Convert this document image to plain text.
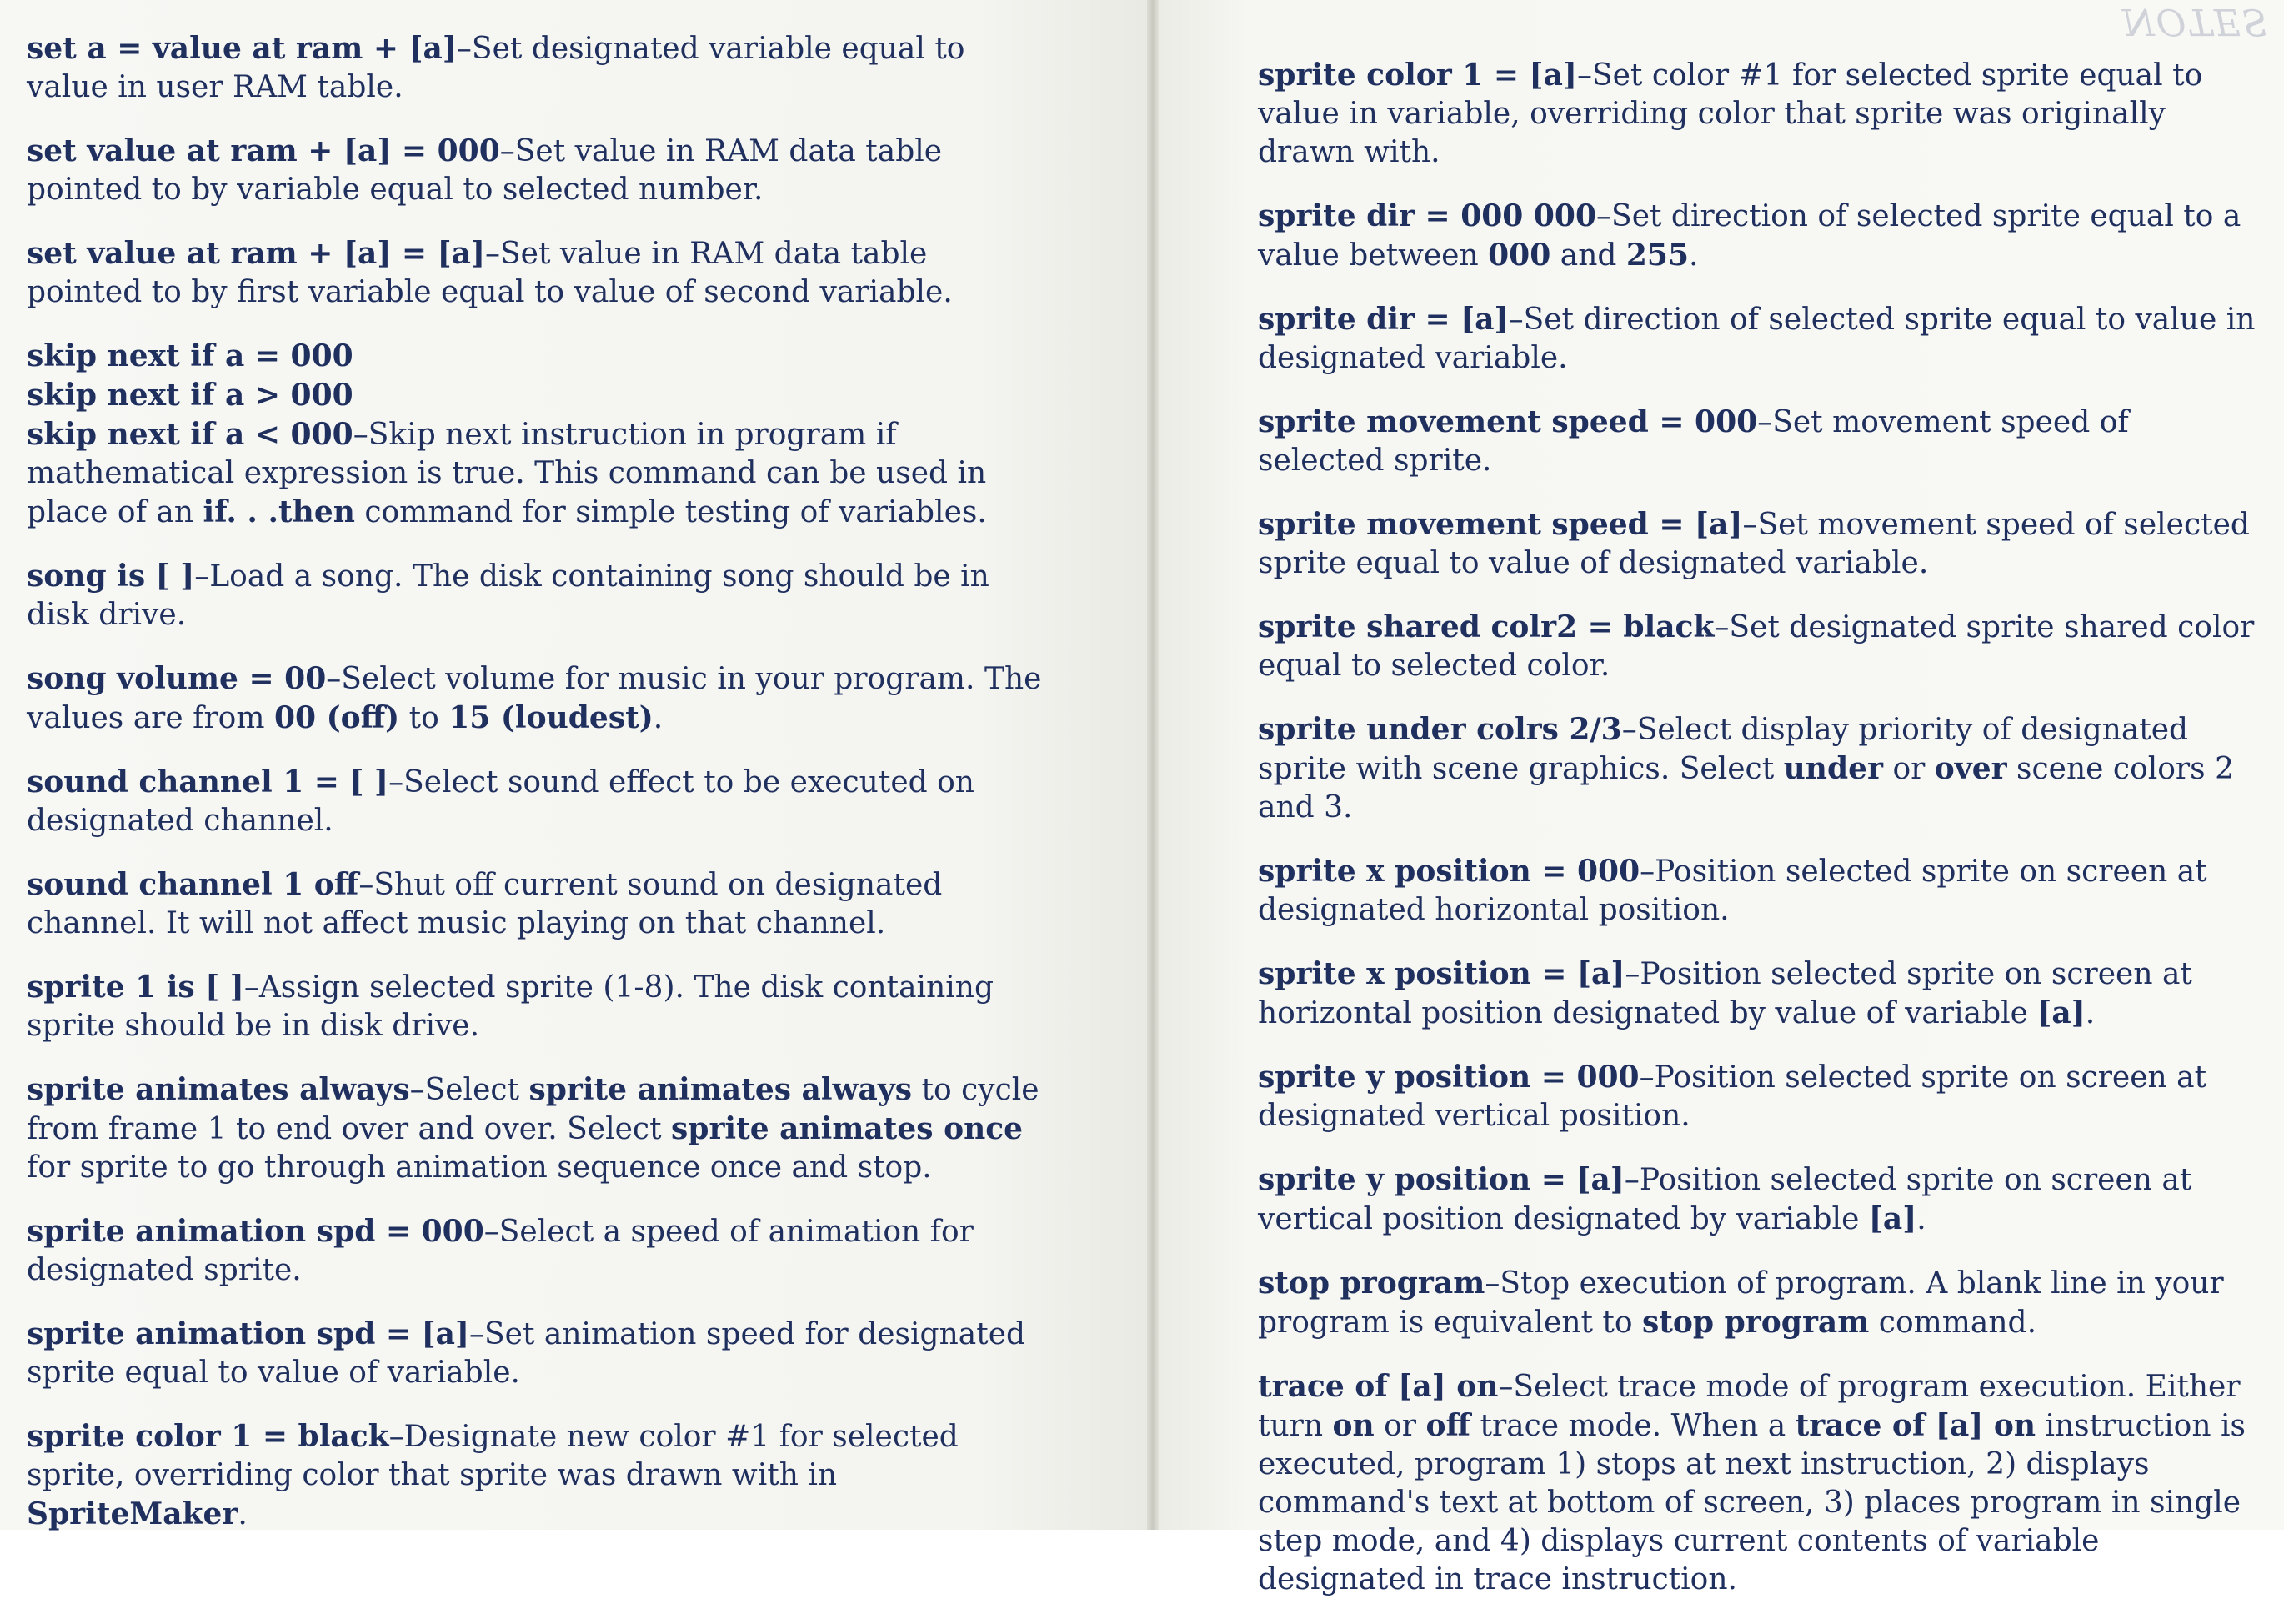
set a = value at ram + [a]–Set designated variable equal to value in user RAM table.

set value at ram + [a] = 000–Set value in RAM data table pointed to by variable equal to selected number.

set value at ram + [a] = [a]–Set value in RAM data table pointed to by first variable equal to value of second variable.

skip next if a = 000

skip next if a > 000

skip next if a < 000–Skip next instruction in program if mathematical expression is true. This command can be used in place of an if. . .then command for simple testing of variables.

song is [ ]–Load a song. The disk containing song should be in disk drive.

song volume = 00–Select volume for music in your program. The values are from 00 (off) to 15 (loudest).

sound channel 1 = [ ]–Select sound effect to be executed on designated channel.

sound channel 1 off–Shut off current sound on designated channel. It will not affect music playing on that channel.

sprite 1 is [ ]–Assign selected sprite (1-8). The disk containing sprite should be in disk drive.

sprite animates always–Select sprite animates always to cycle from frame 1 to end over and over. Select sprite animates once for sprite to go through animation sequence once and stop.

sprite animation spd = 000–Select a speed of animation for designated sprite.

sprite animation spd = [a]–Set animation speed for designated sprite equal to value of variable.

sprite color 1 = black–Designate new color #1 for selected sprite, overriding color that sprite was drawn with in SpriteMaker.

NOTES

sprite color 1 = [a]–Set color #1 for selected sprite equal to value in variable, overriding color that sprite was originally drawn with.

sprite dir = 000 000–Set direction of selected sprite equal to a value between 000 and 255.

sprite dir = [a]–Set direction of selected sprite equal to value in designated variable.

sprite movement speed = 000–Set movement speed of selected sprite.

sprite movement speed = [a]–Set movement speed of selected sprite equal to value of designated variable.

sprite shared colr2 = black–Set designated sprite shared color equal to selected color.

sprite under colrs 2/3–Select display priority of designated sprite with scene graphics. Select under or over scene colors 2 and 3.

sprite x position = 000–Position selected sprite on screen at designated horizontal position.

sprite x position = [a]–Position selected sprite on screen at horizontal position designated by value of variable [a].

sprite y position = 000–Position selected sprite on screen at designated vertical position.

sprite y position = [a]–Position selected sprite on screen at vertical position designated by variable [a].

stop program–Stop execution of program. A blank line in your program is equivalent to stop program command.

trace of [a] on–Select trace mode of program execution. Either turn on or off trace mode. When a trace of [a] on instruction is executed, program 1) stops at next instruction, 2) displays command's text at bottom of screen, 3) places program in single step mode, and 4) displays current contents of variable designated in trace instruction.
